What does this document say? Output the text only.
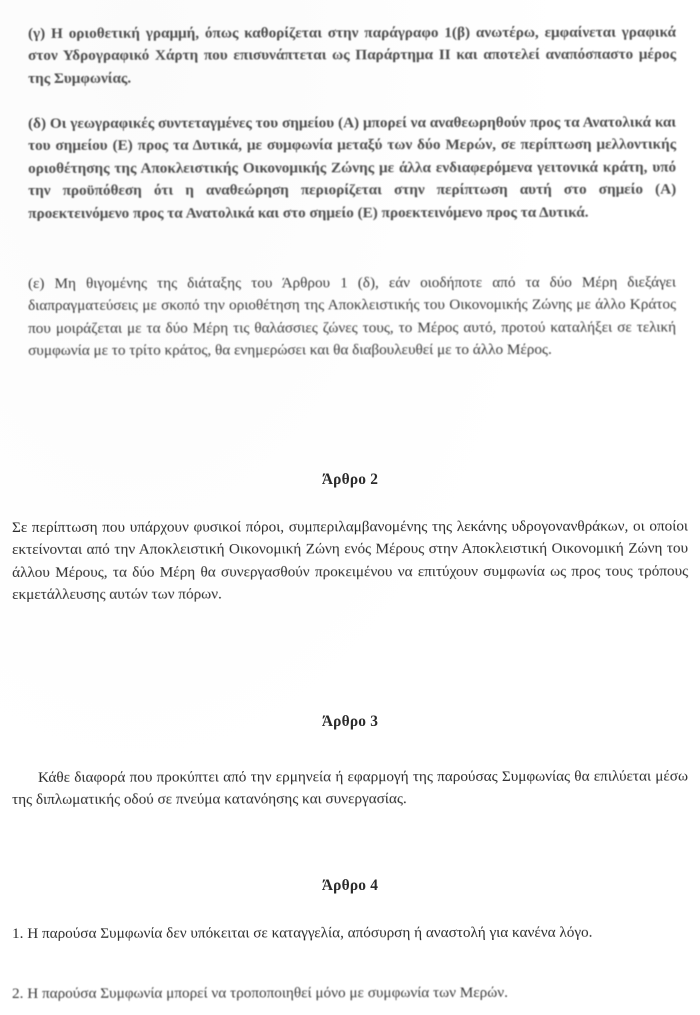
(γ) Η οριοθετική γραμμή, όπως καθορίζεται στην παράγραφο 1(β) ανωτέρω, εμφαίνεται γραφικά στον Υδρογραφικό Χάρτη που επισυνάπτεται ως Παράρτημα ΙΙ και αποτελεί αναπόσπαστο μέρος της Συμφωνίας.

(δ) Οι γεωγραφικές συντεταγμένες του σημείου (Α) μπορεί να αναθεωρηθούν προς τα Ανατολικά και του σημείου (Ε) προς τα Δυτικά, με συμφωνία μεταξύ των δύο Μερών, σε περίπτωση μελλοντικής οριοθέτησης της Αποκλειστικής Οικονομικής Ζώνης με άλλα ενδιαφερόμενα γειτονικά κράτη, υπό την προϋπόθεση ότι η αναθεώρηση περιορίζεται στην περίπτωση αυτή στο σημείο (Α) προεκτεινόμενο προς τα Ανατολικά και στο σημείο (Ε) προεκτεινόμενο προς τα Δυτικά.

(ε) Μη θιγομένης της διάταξης του Άρθρου 1 (δ), εάν οιοδήποτε από τα δύο Μέρη διεξάγει διαπραγματεύσεις με σκοπό την οριοθέτηση της Αποκλειστικής του Οικονομικής Ζώνης με άλλο Κράτος που μοιράζεται με τα δύο Μέρη τις θαλάσσιες ζώνες τους, το Μέρος αυτό, προτού καταλήξει σε τελική συμφωνία με το τρίτο κράτος, θα ενημερώσει και θα διαβουλευθεί με το άλλο Μέρος.

Άρθρο 2

Σε περίπτωση που υπάρχουν φυσικοί πόροι, συμπεριλαμβανομένης της λεκάνης υδρογονανθράκων, οι οποίοι εκτείνονται από την Αποκλειστική Οικονομική Ζώνη ενός Μέρους στην Αποκλειστική Οικονομική Ζώνη του άλλου Μέρους, τα δύο Μέρη θα συνεργασθούν προκειμένου να επιτύχουν συμφωνία ως προς τους τρόπους εκμετάλλευσης αυτών των πόρων.

Άρθρο 3

Κάθε διαφορά που προκύπτει από την ερμηνεία ή εφαρμογή της παρούσας Συμφωνίας θα επιλύεται μέσω της διπλωματικής οδού σε πνεύμα κατανόησης και συνεργασίας.

Άρθρο 4

1. Η παρούσα Συμφωνία δεν υπόκειται σε καταγγελία, απόσυρση ή αναστολή για κανένα λόγο.

2. Η παρούσα Συμφωνία μπορεί να τροποποιηθεί μόνο με συμφωνία των Μερών.
